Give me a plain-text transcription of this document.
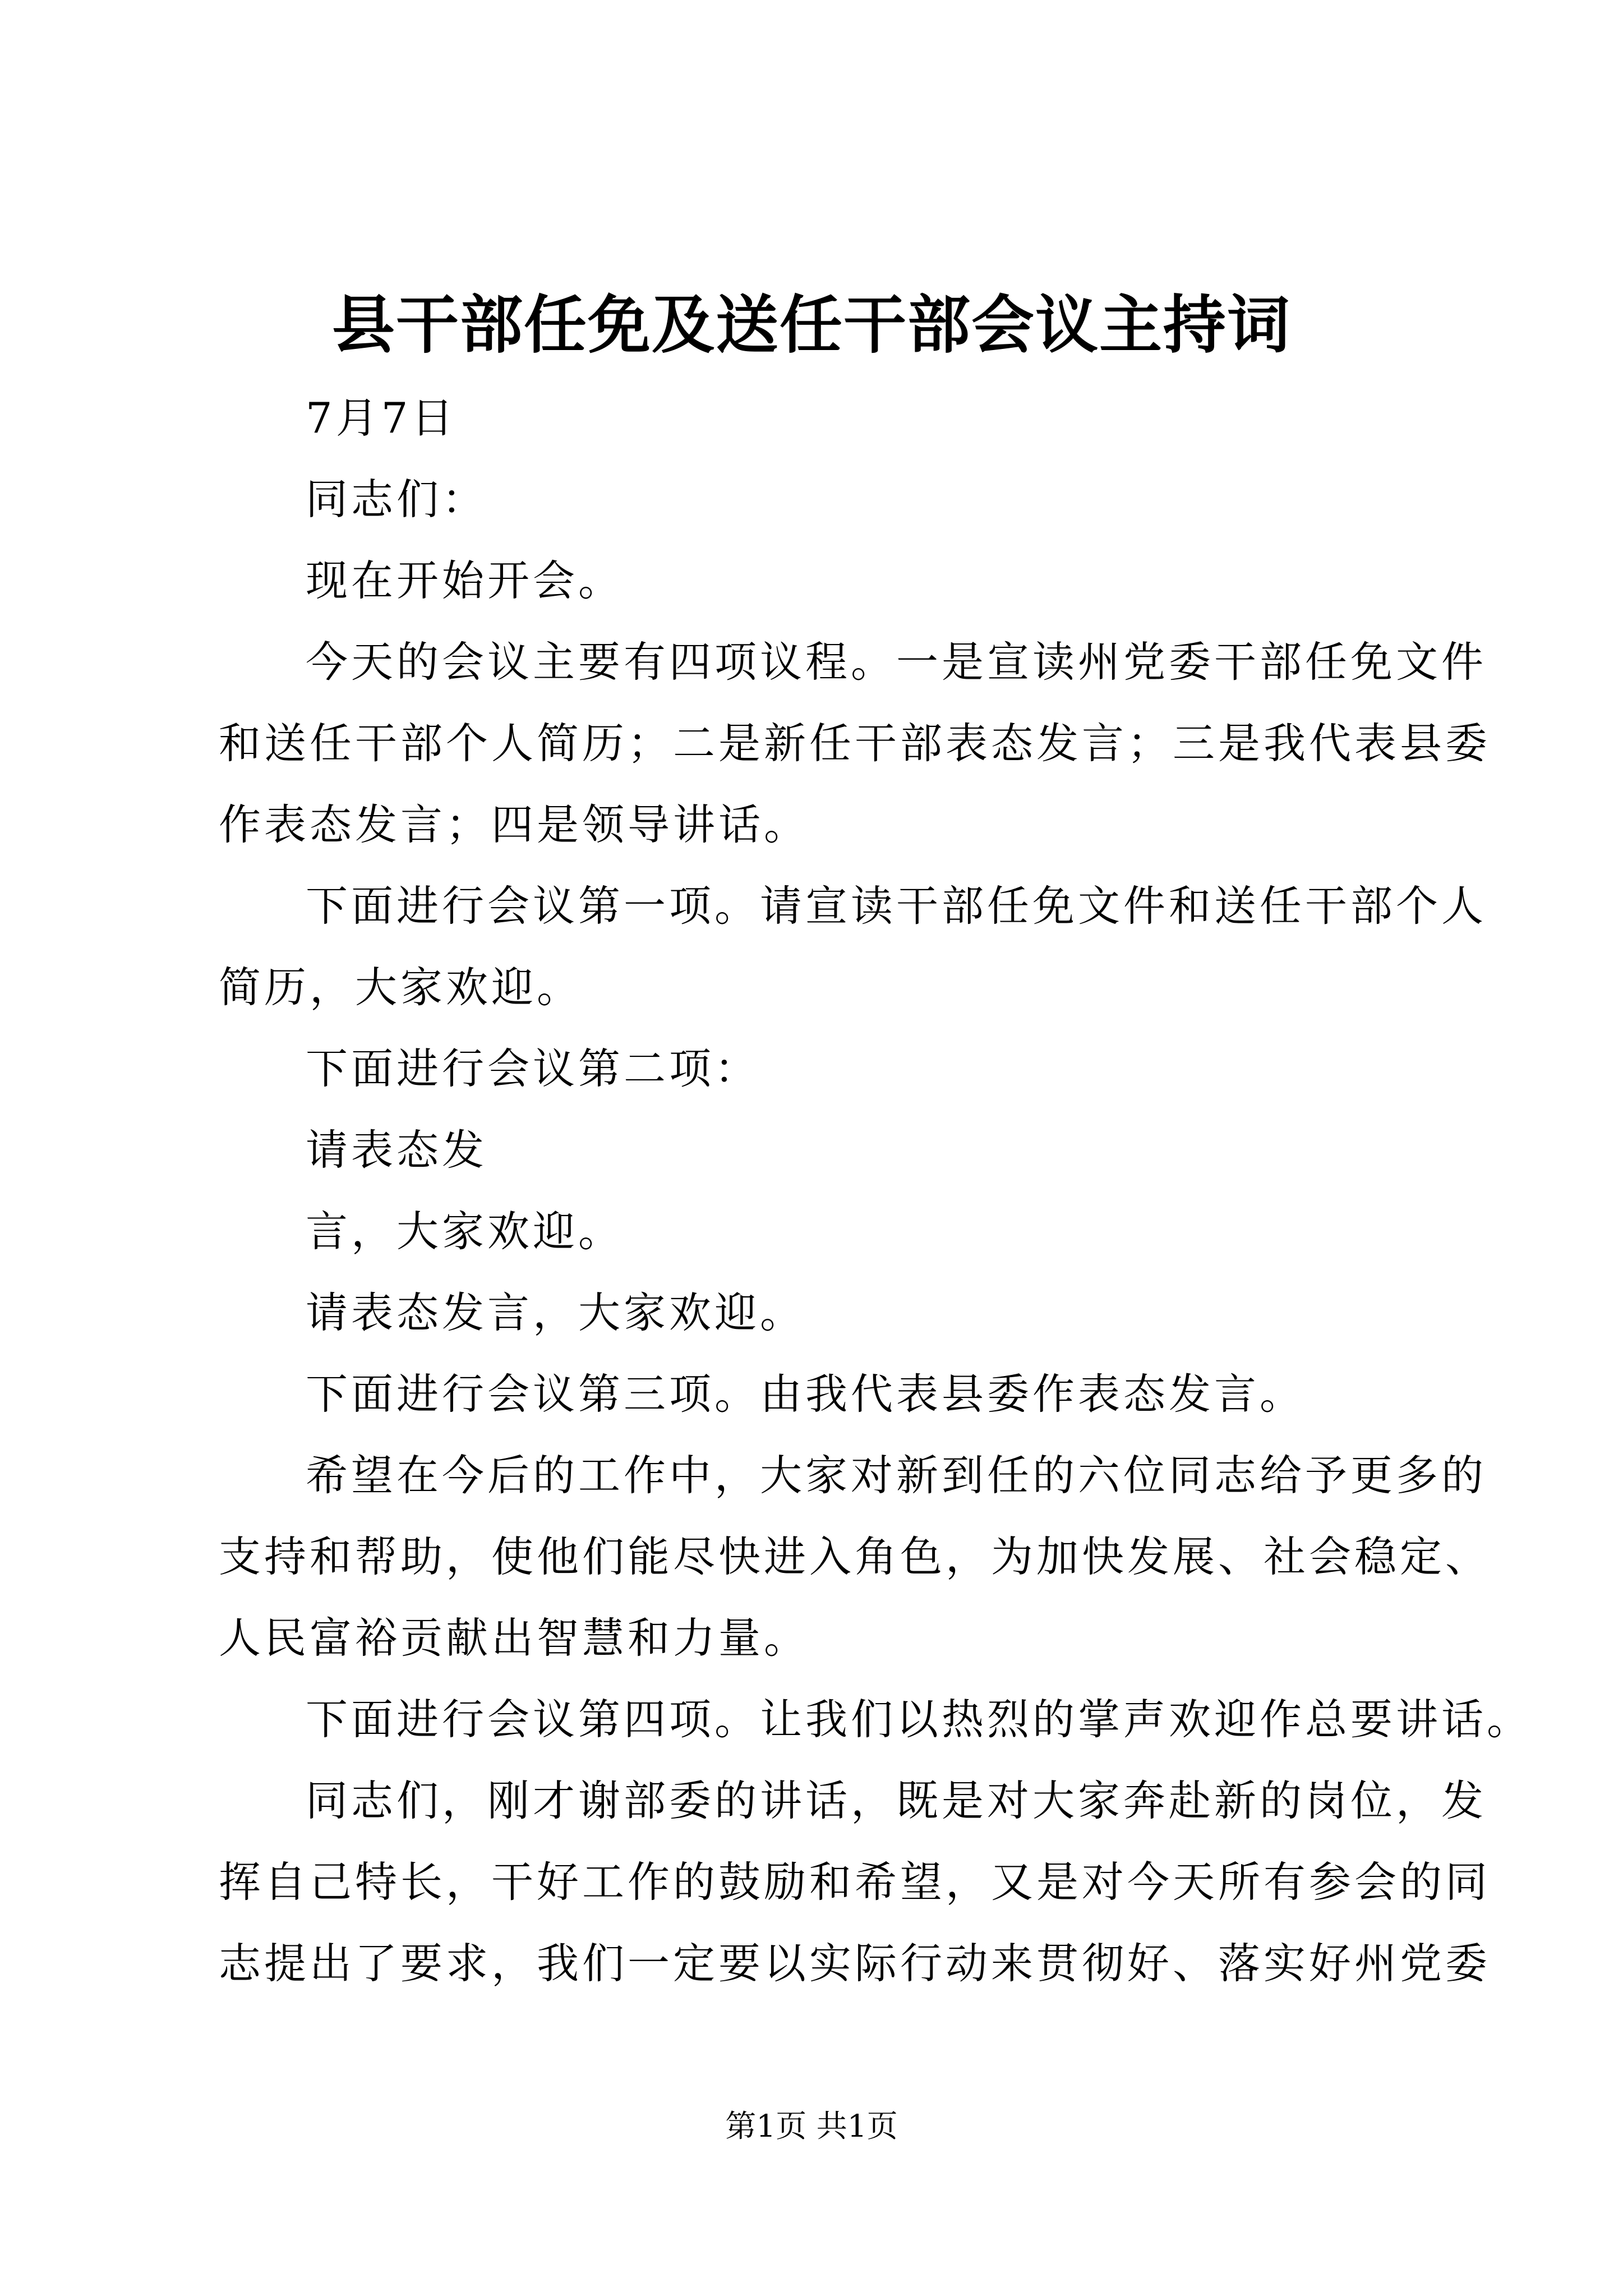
县干部任免及送任干部会议主持词
7月7日
同志们：
现在开始开会。
今天的会议主要有四项议程。一是宣读州党委干部任免文件
和送任干部个人简历；二是新任干部表态发言；三是我代表县委
作表态发言；四是领导讲话。
下面进行会议第一项。请宣读干部任免文件和送任干部个人
简历，大家欢迎。
下面进行会议第二项：
请表态发
言，大家欢迎。
请表态发言，大家欢迎。
下面进行会议第三项。由我代表县委作表态发言。
希望在今后的工作中，大家对新到任的六位同志给予更多的
支持和帮助，使他们能尽快进入角色，为加快发展、社会稳定、
人民富裕贡献出智慧和力量。
下面进行会议第四项。让我们以热烈的掌声欢迎作总要讲话。
同志们，刚才谢部委的讲话，既是对大家奔赴新的岗位，发
挥自己特长，干好工作的鼓励和希望，又是对今天所有参会的同
志提出了要求，我们一定要以实际行动来贯彻好、落实好州党委
第1页 共1页
